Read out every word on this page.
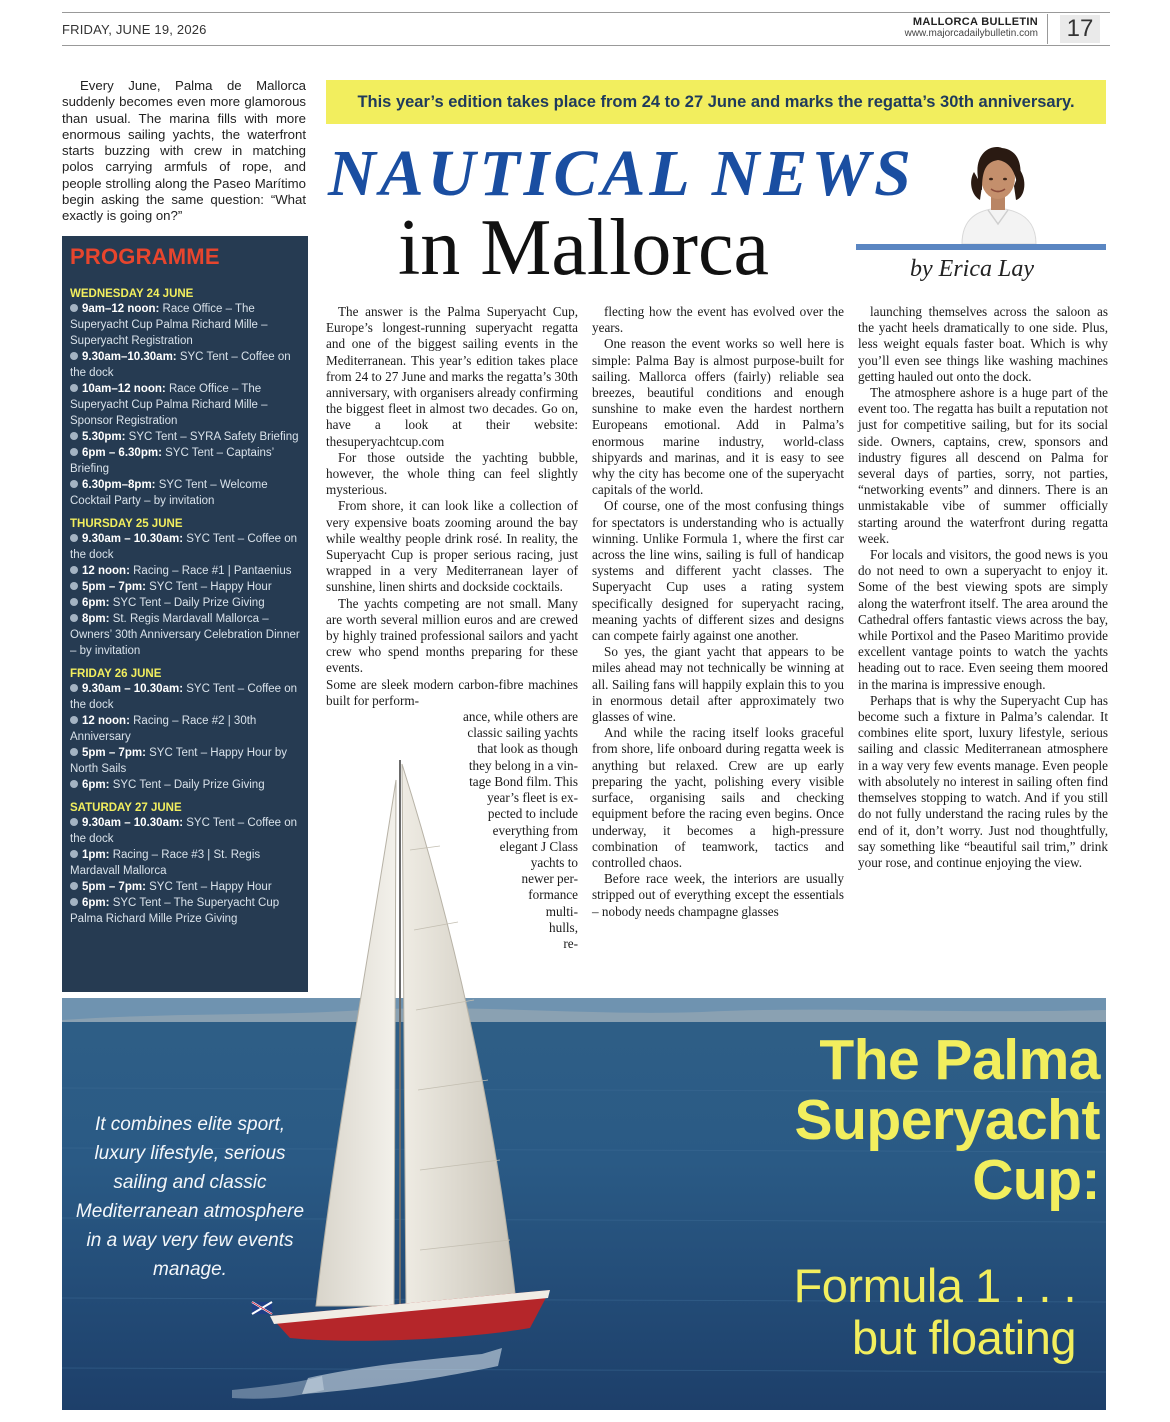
FRIDAY, JUNE 19, 2026	MALLORCA BULLETIN
www.majorcadailybulletin.com 17
Every June, Palma de Mallorca suddenly becomes even more glamorous than usual. The marina fills with more enormous sailing yachts, the waterfront starts buzzing with crew in matching polos carrying armfuls of rope, and people strolling along the Paseo Marítimo begin asking the same question: “What exactly is going on?”
This year’s edition takes place from 24 to 27 June and marks the regatta’s 30th anniversary.
NAUTICAL NEWS
in Mallorca	by Erica Lay
PROGRAMME
WEDNESDAY 24 JUNE
9am–12 noon: Race Office – The Superyacht Cup Palma Richard Mille – Superyacht Registration
9.30am–10.30am: SYC Tent – Coffee on the dock
10am–12 noon: Race Office – The Superyacht Cup Palma Richard Mille – Sponsor Registration
5.30pm: SYC Tent – SYRA Safety Briefing
6pm – 6.30pm: SYC Tent – Captains’ Briefing
6.30pm–8pm: SYC Tent – Welcome Cocktail Party – by invitation
THURSDAY 25 JUNE
9.30am – 10.30am: SYC Tent – Coffee on the dock
12 noon: Racing – Race #1 | Pantaenius
5pm – 7pm: SYC Tent – Happy Hour
6pm: SYC Tent – Daily Prize Giving
8pm: St. Regis Mardavall Mallorca – Owners’ 30th Anniversary Celebration Dinner – by invitation
FRIDAY 26 JUNE
9.30am – 10.30am: SYC Tent – Coffee on the dock
12 noon: Racing – Race #2 | 30th Anniversary
5pm – 7pm: SYC Tent – Happy Hour by North Sails
6pm: SYC Tent – Daily Prize Giving
SATURDAY 27 JUNE
9.30am – 10.30am: SYC Tent – Coffee on the dock
1pm: Racing – Race #3 | St. Regis Mardavall Mallorca
5pm – 7pm: SYC Tent – Happy Hour
6pm: SYC Tent – The Superyacht Cup Palma Richard Mille Prize Giving

The answer is the Palma Superyacht Cup, Europe’s longest-running superyacht regatta and one of the biggest sailing events in the Mediterranean. This year’s edition takes place from 24 to 27 June and marks the regatta’s 30th anniversary, with organisers already confirming the biggest fleet in almost two decades. Go on, have a look at their website: thesuperyachtcup.com

For those outside the yachting bubble, however, the whole thing can feel slightly mysterious.

From shore, it can look like a collection of very expensive boats zooming around the bay while wealthy people drink rosé. In reality, the Superyacht Cup is proper serious racing, just wrapped in a very Mediterranean layer of sunshine, linen shirts and dockside cocktails.

The yachts competing are not small. Many are worth several million euros and are crewed by highly trained professional sailors and yacht crew who spend months preparing for these events.

Some are sleek modern carbon-fibre machines built for perform-
ance, while others are
classic sailing yachts
that look as though
they belong in a vin-
tage Bond film. This
year’s fleet is ex-
pected to include
everything from
elegant J Class
yachts to
newer per-
formance
multi-
hulls,
re-

flecting how the event has evolved over the years.

One reason the event works so well here is simple: Palma Bay is almost purpose-built for sailing. Mallorca offers (fairly) reliable sea breezes, beautiful conditions and enough sunshine to make even the hardest northern Europeans emotional. Add in Palma’s enormous marine industry, world-class shipyards and marinas, and it is easy to see why the city has become one of the superyacht capitals of the world.

Of course, one of the most confusing things for spectators is understanding who is actually winning. Unlike Formula 1, where the first car across the line wins, sailing is full of handicap systems and different yacht classes. The Superyacht Cup uses a rating system specifically designed for superyacht racing, meaning yachts of different sizes and designs can compete fairly against one another.

So yes, the giant yacht that appears to be miles ahead may not technically be winning at all. Sailing fans will happily explain this to you in enormous detail after approximately two glasses of wine.

And while the racing itself looks graceful from shore, life onboard during regatta week is anything but relaxed. Crew are up early preparing the yacht, polishing every visible surface, organising sails and checking equipment before the racing even begins. Once underway, it becomes a high-pressure combination of teamwork, tactics and controlled chaos.

Before race week, the interiors are usually stripped out of everything except the essentials – nobody needs champagne glasses

launching themselves across the saloon as the yacht heels dramatically to one side. Plus, less weight equals faster boat. Which is why you’ll even see things like washing machines getting hauled out onto the dock.

The atmosphere ashore is a huge part of the event too. The regatta has built a reputation not just for competitive sailing, but for its social side. Owners, captains, crew, sponsors and industry figures all descend on Palma for several days of parties, sorry, not parties, “networking events” and dinners. There is an unmistakable vibe of summer officially starting around the waterfront during regatta week.

For locals and visitors, the good news is you do not need to own a superyacht to enjoy it. Some of the best viewing spots are simply along the waterfront itself. The area around the Cathedral offers fantastic views across the bay, while Portixol and the Paseo Maritimo provide excellent vantage points to watch the yachts heading out to race. Even seeing them moored in the marina is impressive enough.

Perhaps that is why the Superyacht Cup has become such a fixture in Palma’s calendar. It combines elite sport, luxury lifestyle, serious sailing and classic Mediterranean atmosphere in a way very few events manage. Even people with absolutely no interest in sailing often find themselves stopping to watch. And if you still do not fully understand the racing rules by the end of it, don’t worry. Just nod thoughtfully, say something like “beautiful sail trim,” drink your rose, and continue enjoying the view.

It combines elite sport, luxury lifestyle, serious sailing and classic Mediterranean atmosphere in a way very few events manage.
The Palma
Superyacht
Cup:
Formula 1 . . .
but floating
